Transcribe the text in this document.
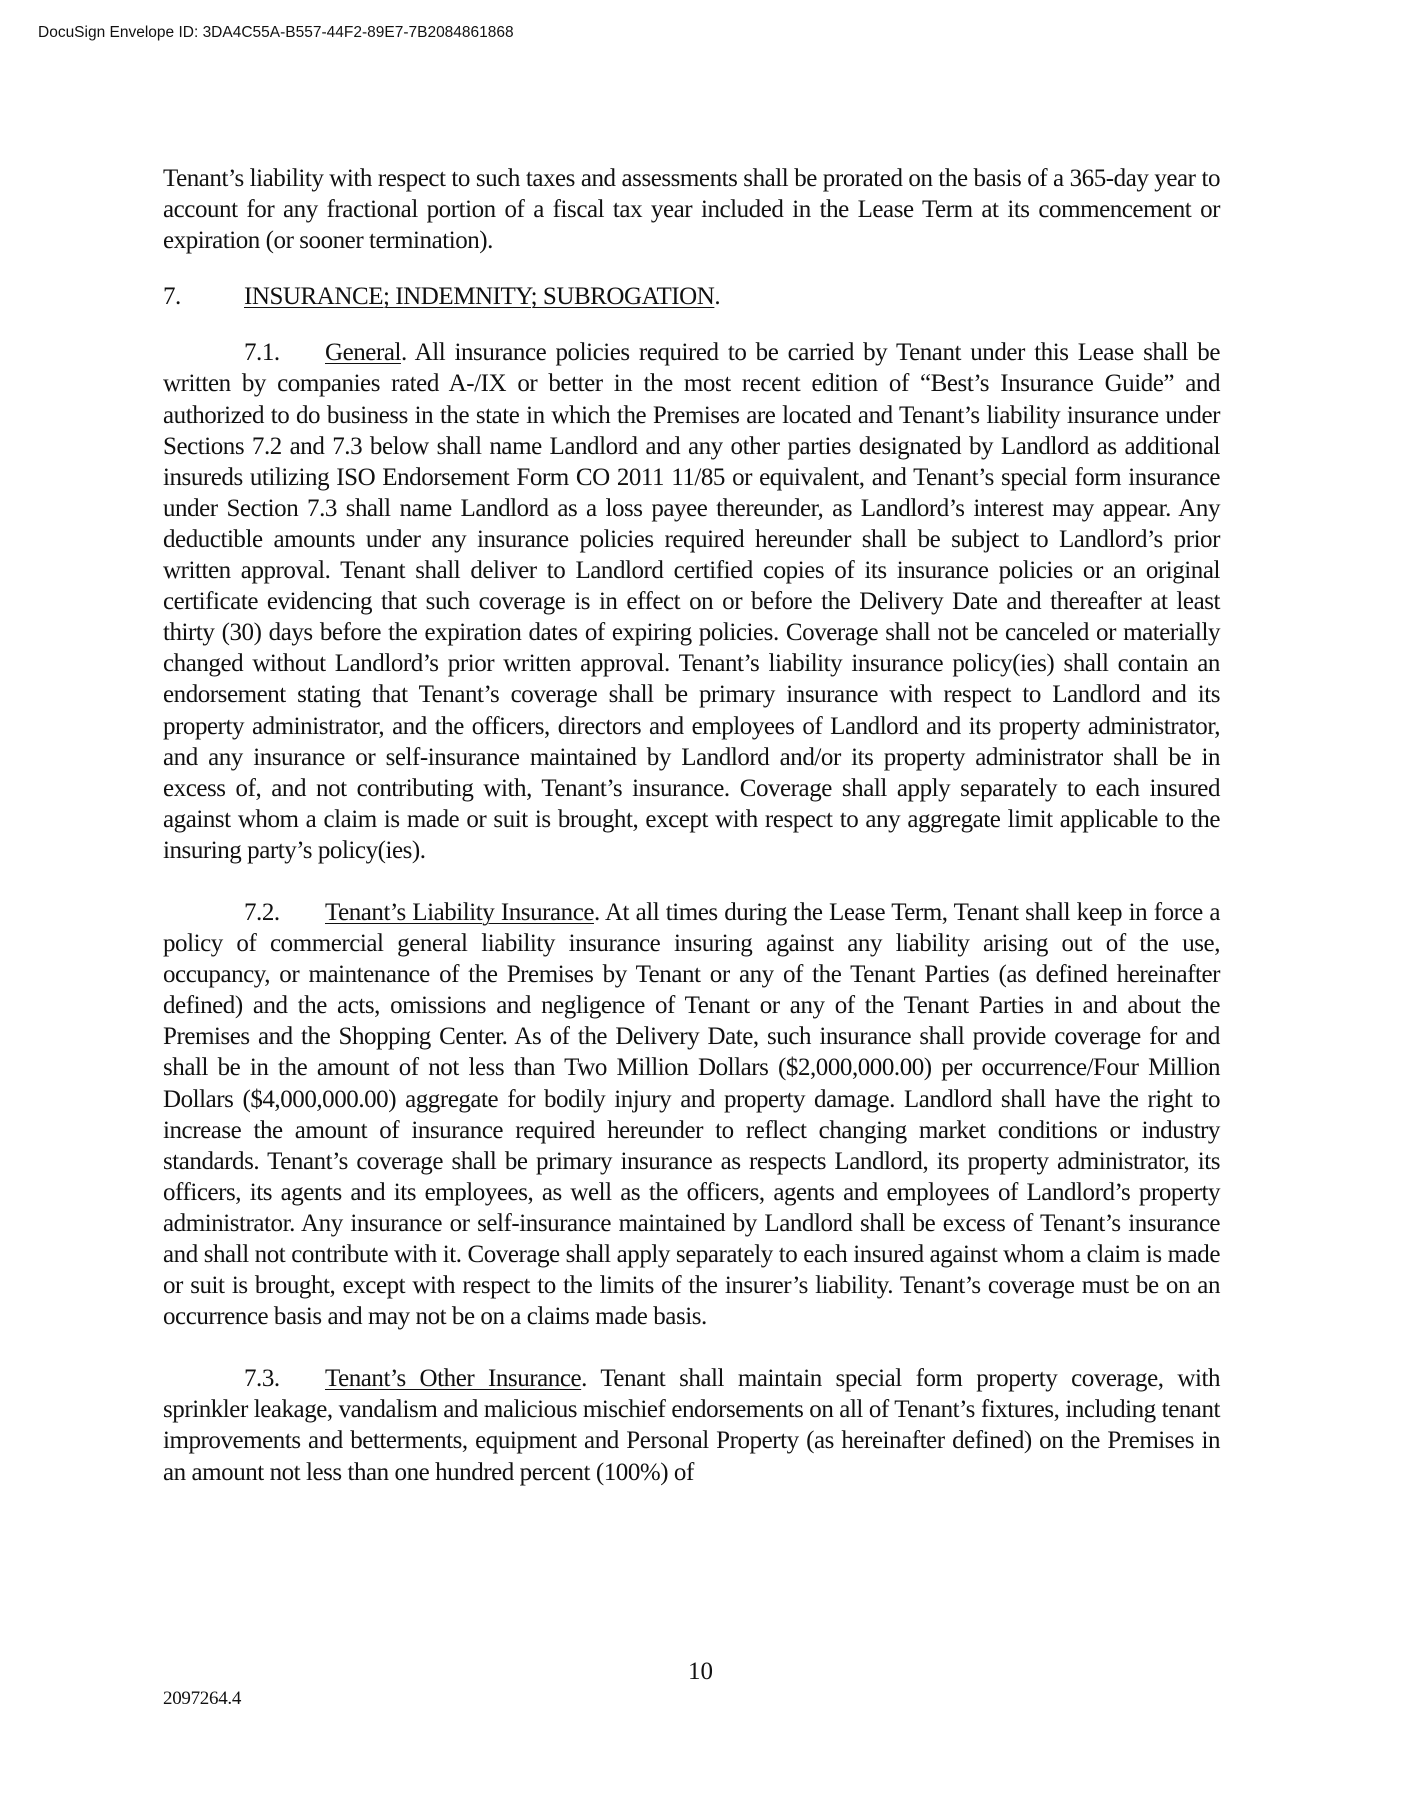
DocuSign Envelope ID: 3DA4C55A-B557-44F2-89E7-7B2084861868

Tenant’s liability with respect to such taxes and assessments shall be prorated on the basis of a 365-day year to account for any fractional portion of a fiscal tax year included in the Lease Term at its commencement or expiration (or sooner termination).

7.	INSURANCE; INDEMNITY; SUBROGATION.

7.1. General. All insurance policies required to be carried by Tenant under this Lease shall be written by companies rated A-/IX or better in the most recent edition of “Best’s Insurance Guide” and authorized to do business in the state in which the Premises are located and Tenant’s liability insurance under Sections 7.2 and 7.3 below shall name Landlord and any other parties designated by Landlord as additional insureds utilizing ISO Endorsement Form CO 2011 11/85 or equivalent, and Tenant’s special form insurance under Section 7.3 shall name Landlord as a loss payee thereunder, as Landlord’s interest may appear. Any deductible amounts under any insurance policies required hereunder shall be subject to Landlord’s prior written approval. Tenant shall deliver to Landlord certified copies of its insurance policies or an original certificate evidencing that such coverage is in effect on or before the Delivery Date and thereafter at least thirty (30) days before the expiration dates of expiring policies. Coverage shall not be canceled or materially changed without Landlord’s prior written approval. Tenant’s liability insurance policy(ies) shall contain an endorsement stating that Tenant’s coverage shall be primary insurance with respect to Landlord and its property administrator, and the officers, directors and employees of Landlord and its property administrator, and any insurance or self-insurance maintained by Landlord and/or its property administrator shall be in excess of, and not contributing with, Tenant’s insurance. Coverage shall apply separately to each insured against whom a claim is made or suit is brought, except with respect to any aggregate limit applicable to the insuring party’s policy(ies).

7.2. Tenant’s Liability Insurance. At all times during the Lease Term, Tenant shall keep in force a policy of commercial general liability insurance insuring against any liability arising out of the use, occupancy, or maintenance of the Premises by Tenant or any of the Tenant Parties (as defined hereinafter defined) and the acts, omissions and negligence of Tenant or any of the Tenant Parties in and about the Premises and the Shopping Center. As of the Delivery Date, such insurance shall provide coverage for and shall be in the amount of not less than Two Million Dollars ($2,000,000.00) per occurrence/Four Million Dollars ($4,000,000.00) aggregate for bodily injury and property damage. Landlord shall have the right to increase the amount of insurance required hereunder to reflect changing market conditions or industry standards. Tenant’s coverage shall be primary insurance as respects Landlord, its property administrator, its officers, its agents and its employees, as well as the officers, agents and employees of Landlord’s property administrator. Any insurance or self-insurance maintained by Landlord shall be excess of Tenant’s insurance and shall not contribute with it. Coverage shall apply separately to each insured against whom a claim is made or suit is brought, except with respect to the limits of the insurer’s liability. Tenant’s coverage must be on an occurrence basis and may not be on a claims made basis.

7.3. Tenant’s Other Insurance. Tenant shall maintain special form property coverage, with sprinkler leakage, vandalism and malicious mischief endorsements on all of Tenant’s fixtures, including tenant improvements and betterments, equipment and Personal Property (as hereinafter defined) on the Premises in an amount not less than one hundred percent (100%) of

10
2097264.4
